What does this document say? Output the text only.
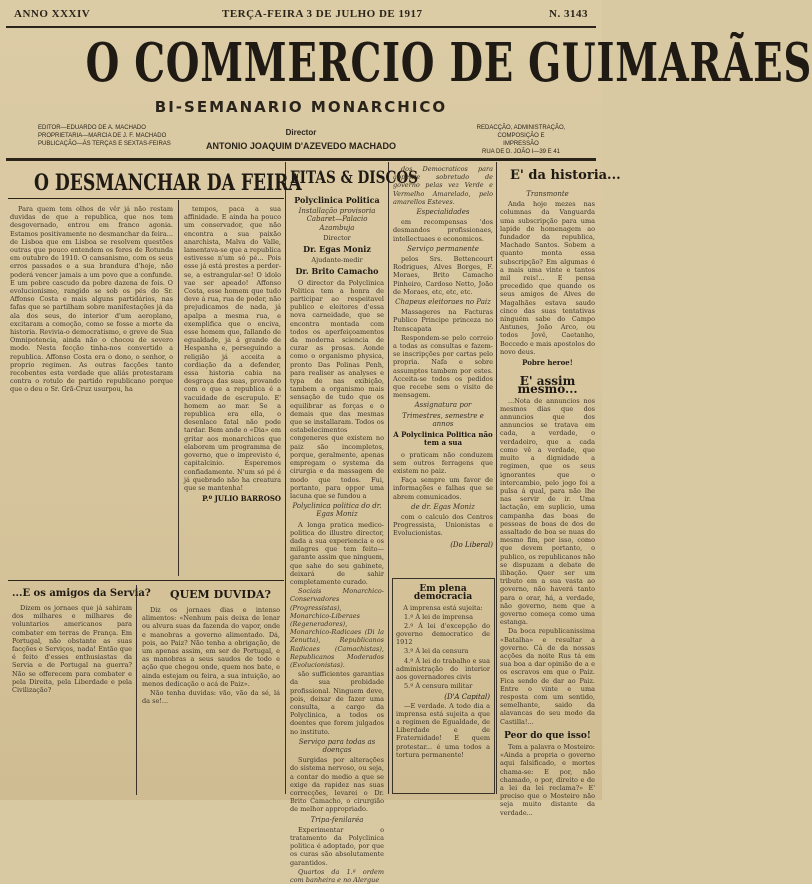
ANNO XXXIV	TERÇA-FEIRA 3 DE JULHO DE 1917	N. 3143
O COMMERCIO DE GUIMARÃES
BI-SEMANARIO MONARCHICO
EDITOR—EDUARDO DE A. MACHADO
PROPRIETARIA—MARCIA DE J. F. MACHADO
PUBLICAÇÃO—ÁS TERÇAS E SEXTAS-FEIRAS
Director
ANTONIO JOAQUIM D'AZEVEDO MACHADO
REDACÇÃO, ADMINISTRAÇÃO, COMPOSIÇÃO E
IMPRESSÃO
RUA DE D. JOÃO I—39 E 41
O DESMANCHAR DA FEIRA

Para quem tem olhos de vêr já não restam duvidas de que a republica, que nos tem desgovernado, entrou em franco agonia. Estamos positivamente no desmanchar da feira... de Lisboa que em Lisboa se resolvem questões outras que pouco entendem os feres de Rotunda em outubro de 1910. O cansanismo, com os seus erros passados e a sua brandura d'hoje, não poderá vencer jamais a um povo que a confunde. E um pobre cascudo da pobre dazena de fois. O evolucionismo, rangido se sob os pés do Sr. Affonso Costa e mais alguns partidários, nas fafas que se partilham sobre manifestações já da ala dos seus, do interior d'um aeroplano, excitaram a comoção, como se fosse a morte da historia. Revivia-o democratismo, e greve de Sua Omnipotencia, ainda não o chocou de severo modo. Nesta fecção tinha-nos convertido a republica. Affonso Costa era o dono, o senhor, o proprio regimen. As outras facções tanto recobentes esta verdade que aliás protestaram contra o rotulo de partido republicano porque que o deu o Sr. Grã-Cruz usurpou, ha

tempos, paca a sua affinidade. E ainda ha pouco um conservador, que não encontra a sua paixão anarchista, Malva do Valle, lamentava-se que a republica estivesse n'um só pé... Pois esse já está prestes a perder-se, a estrangular-se! O idolo vae ser apeado! Affonso Costa, esse homem que tudo deve á rua, rua de poder, não prejudicamos de nada, já apalpa a mesma rua, e exemplifica que o enciva, esse homem que, fallando de egualdade, já á grande de Hespanha e, perseguindo a religião já acceita a cordiação da a defender, essa historia cabia na desgraça das suas, provando com o que a republica é a vacuidade de escrupulo. E' homem ao mar. Se a republica era ella, o desenlace fatal não pode tardar. Bem ande o «Dia» em gritar aos monarchicos que elaborem um programma de governo, que o imprevisto é, capitalcinio. Esperemos confiadamente. N'um só pé é já quebrado não ha creatura que se mantenha!

P.º JULIO BARROSO
...E os amigos da Servia?

Dizem os jornaes que já sahiram dos milhares e milhares de voluntarios americanos para combater em terras de França. Em Portugal, não obstante as suas facções e Serviços, nada! Então que é feito d'esses enthusiastas da Servia e de Portugal na guerra? Não se offerecem para combater e pela Direita, pela Liberdade e pela Civilização?

QUEM DUVIDA?

Diz os jornaes dias e intenso alimentos: «Nenhum pais deixa de lenar ou alvura suas da fazenda do vapor, onde e manobras a governo alimentado. Dá, pois, ao Paiz? Não tenha a obrigação, de um apenas assim, em ser de Portugal, e as manobras a seus saudos de todo e ação que chegou onde, quem nos bate, e ainda estejam ou feira, a sua intuição, ao menos dedicação o acá de Paiz».

Não tenha duvidas: vão, vão da sé, lá da se!...

FITAS & DISCOS
Polyclinica Politica
Installação provisoria Cabaret—Palacio Azambuja
Director
Dr. Egas Moniz
Ajudante-medir
Dr. Brito Camacho

O director da Polyclinica Politica tem a honra de participar ao respeitavel publico e eleitores d'essa nova carneidade, que se encontra montada com todos os aperfeiçoamentos da moderna sciencia de curar as prosas. Aonde como o organismo physica, pronto Das Polinas Penh, para realiser as analyses e typa de nas exibição, tambem a organismo mais sensação de tudo que os equilibrar as forças e o demais que das mesmas que se installaram. Todos os estabelecimentos congeneres que existem no paiz são incompletos, porque, geralmente, apenas empregam o systema da cirurgia e da massagem de modo que todos. Fui, portanto, para oppor uma lacuna que se fundou a

Polyclinica politica do dr. Egas Moniz

A longa pratica medico-politica do illustre director, dada a sua experiencia e os milagres que tem feito—garante assim que ninguem, que sahe do seu gabinete, deixará de sahir completamente curado.

Sociais Monarchico-Conservadores (Progressistas), Monarchico-Liberaes (Regeneradores), Monarchico-Radicaes (Di la Zenutta), Republicanos Radicaes (Camachistas), Republicanos Moderados (Evolucionistas).

são sufficientes garantias da sua probidade profissional. Ninguem deve, pois, deixar de fazer uma consulta, a cargo da Polyclinica, a todos os doentes que forem julgados no instituto.

Serviço para todas as doenças

Surgidas por alterações do sistema nervoso, ou seja, a contar do medio a que se exige da rapidez nas suas correcções, levarei o Dr. Brito Camacho, o cirurgião de melhor appropriado.

Tripa-fenilaréa

Experimentar o tratamento da Polyclinica politica é adoptado, por que os curas são absolutamente garantidos.

Quartos da 1.ª ordem com banheira e no Alergue

dos Democraticos para appetite sobretudo de governo pelas vez Verde e Vermelho Amarelado, pelo amarellos Esteves.

Especialidades

em recompensas 'dos desmandos profissionaes, intellectuaes e economicos.

Serviço permanente

pelos Srs. Bettencourt Rodrigues, Alves Borges, F. Moraes, Brito Camacho Pinheiro, Cardoso Netto, João de Moraes, etc, etc, etc.

Chapeus eleitoraes no Paiz

Massageres na Facturas Publico Principe princeza no Itenscapata

Respondem-se pelo correio a todas as consultas e fazem-se inscripções por cartas pelo propria. Nafa e sobre assumptos tambem por estes. Acceita-se todos os pedidos que recebe sem o visito de mensagem.

Assignatura por
Trimestres, semestre e annos
A Polyclinica Politica não tem a sua

o praticam não conduzem sem outros ferragens que existem no paiz.

Faça sempre um favor de informações e falhas que se abrem comunicados.

de dr. Egas Moniz

com o calculo dos Centros Progressista, Unionistas e Evolucionistas.

(Do Liberal)
Em plena democracia
A imprensa está sujeita:

1.º Á lei de imprensa

2.º Á lei d'excepção do governo democratico de 1912

3.º Á lei da censura

4.º Á lei do trabalho e sua administração do interior aos governadores civis

5.º Á censura militar

(D'A Capital)

—E verdade. A todo dia a imprensa está sujeita a que a regimen de Egualdade, de Liberdade e de Fraternidade! E quem protestar... é uma todos a tortura permanente!

E' da historia...
Transmonte

Anda hoje mezes nas columnas da Vanguarda uma subscripção para uma lapide de homenagem ao fundador da republica, Machado Santos. Sobem a quanto monta essa subscripção? Em algumas é a mais uma vinte e tantos mil reis!... E pensa precedido que quando os seus amigos de Alves de Magalhães estava saudo cinco das suas tentativas ninguém sabe do Campo Antunes, João Arco, ou todos Jovê, Caetanho, Boccedo e mais apostolos do novo deus.

Pobre heroe!
E' assim mesmo...

...Nota de annuncios nos mesmos dias que dos annuncios que dos annuncios se tratava em cada, a verdade, o verdadeiro, que a cada como vê a verdade, que muito a dignidade a regimen, que os seus ignorantes que o intercambio, pelo jogo foi a pulsa á qual, para não lhe nas servir de ir. Uma lactação, em suplicio, uma campanha das boas de pessoas de boas de dos de assaltado de boa se nuas do mesmo fim, por isso, como que devem portanto, o publico, os republicanos não se dispuzam a debate de ilibação. Quer ser um tributo em a sua vasta ao governo, não haverá tanto para o orar, há, a verdade, não governo, nem que a governo começa como uma estanga.

Da boca republicanissima «Batalha» e resultar a governo. Cá de da nossas acções da noite Rus tá em sua boa a dar opinião de a e os escravos em que o Paiz. Fica sendo de dar ao Paiz. Entre o vinte e uma resposta com um sentido, semelhante, saido da alavancas do seu modo da Castilla!...

Peor do que isso!

Tem a palavra o Mosteiro: «Ainda a propria o governo aqui falsificado, e mortes chama-se: E por, não chamado, o por, direito e de a lei da lei reclama?» E' preciso que o Mosteiro não seja muito distante da verdade...
